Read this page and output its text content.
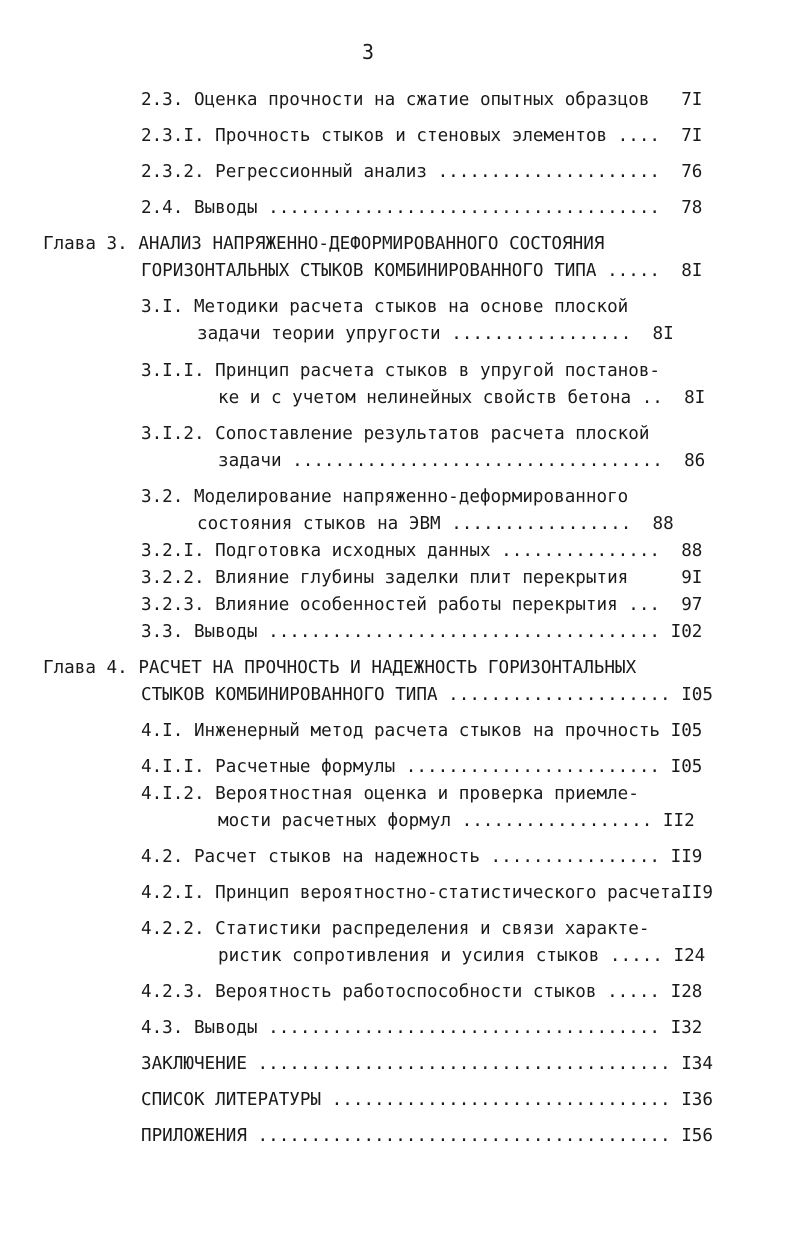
3
2.3. Оценка прочности на сжатие опытных образцов   7I
2.3.I. Прочность стыков и стеновых элементов ....  7I
2.3.2. Регрессионный анализ .....................  76
2.4. Выводы .....................................  78
Глава 3. АНАЛИЗ НАПРЯЖЕННО-ДЕФОРМИРОВАННОГО СОСТОЯНИЯ
ГОРИЗОНТАЛЬНЫХ СТЫКОВ КОМБИНИРОВАННОГО ТИПА .....  8I
3.I. Методики расчета стыков на основе плоской
задачи теории упругости .................  8I
3.I.I. Принцип расчета стыков в упругой постанов-
ке и с учетом нелинейных свойств бетона ..  8I
3.I.2. Сопоставление результатов расчета плоской
задачи ...................................  86
3.2. Моделирование напряженно-деформированного
состояния стыков на ЭВМ .................  88
3.2.I. Подготовка исходных данных ...............  88
3.2.2. Влияние глубины заделки плит перекрытия     9I
3.2.3. Влияние особенностей работы перекрытия ...  97
3.3. Выводы ..................................... I02
Глава 4. РАСЧЕТ НА ПРОЧНОСТЬ И НАДЕЖНОСТЬ ГОРИЗОНТАЛЬНЫХ
СТЫКОВ КОМБИНИРОВАННОГО ТИПА ..................... I05
4.I. Инженерный метод расчета стыков на прочность I05
4.I.I. Расчетные формулы ........................ I05
4.I.2. Вероятностная оценка и проверка приемле-
мости расчетных формул .................. II2
4.2. Расчет стыков на надежность ................ II9
4.2.I. Принцип вероятностно-статистического расчетаII9
4.2.2. Статистики распределения и связи характе-
ристик сопротивления и усилия стыков ..... I24
4.2.3. Вероятность работоспособности стыков ..... I28
4.3. Выводы ..................................... I32
ЗАКЛЮЧЕНИЕ ....................................... I34
СПИСОК ЛИТЕРАТУРЫ ................................ I36
ПРИЛОЖЕНИЯ ....................................... I56
